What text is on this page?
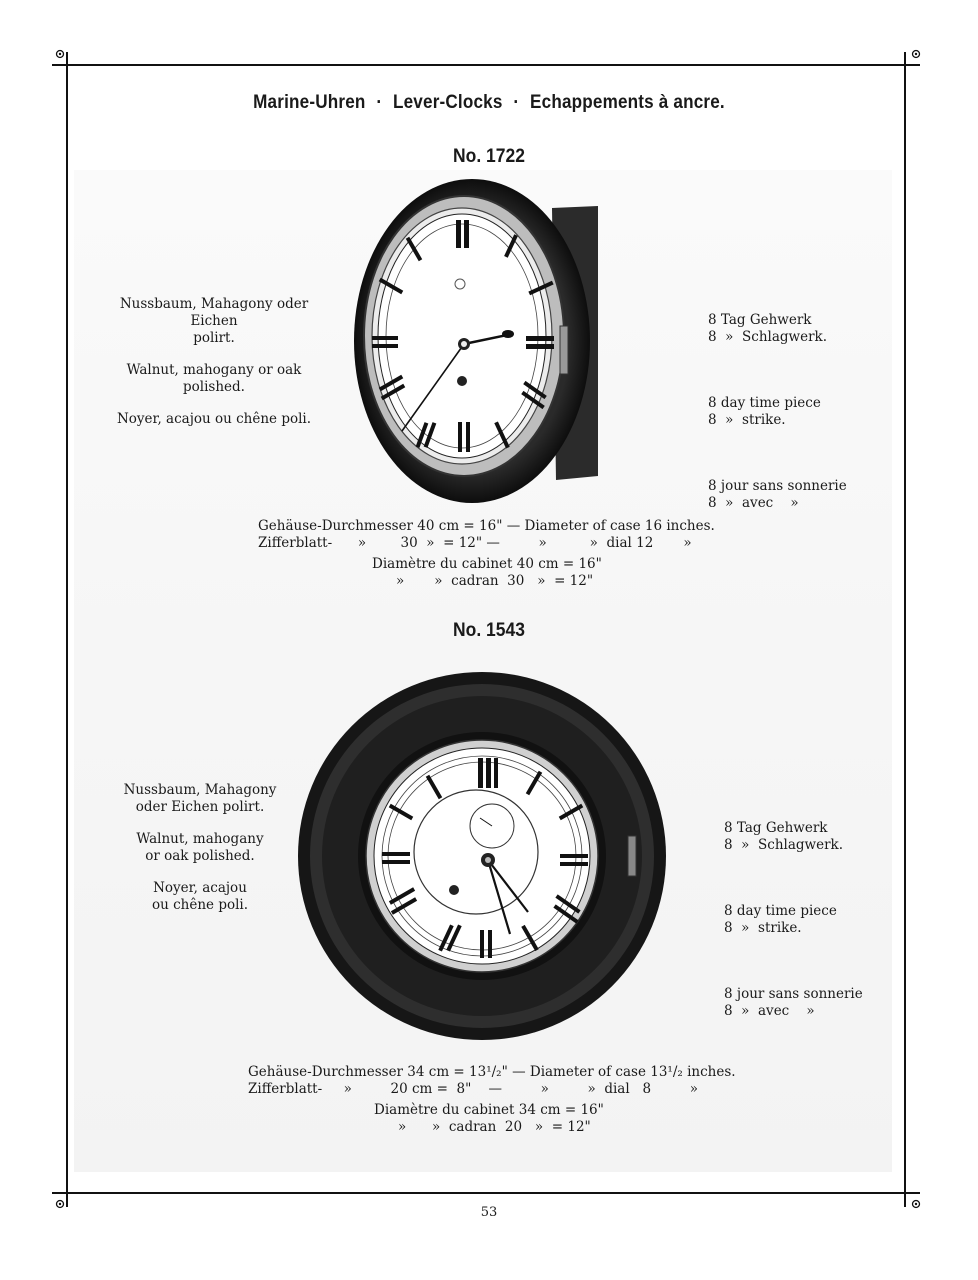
Marine-Uhren · Lever-Clocks · Echappements à ancre.
No. 1722

Nussbaum, Mahagony oder Eichen
polirt.

Walnut, mahogany or oak polished.

Noyer, acajou ou chêne poli.

8 Tag Gehwerk
8  »  Schlagwerk.

8 day time piece
8  »  strike.

8 jour sans sonnerie
8  »  avec    »

Gehäuse-Durchmesser 40 cm = 16" — Diameter of case 16 inches.
Zifferblatt-      »        30  »  = 12" —         »          »  dial 12       »
Diamètre du cabinet 40 cm = 16"
»       »  cadran  30   »  = 12"
No. 1543

Nussbaum, Mahagony
oder Eichen polirt.

Walnut, mahogany
or oak polished.

Noyer, acajou
ou chêne poli.

8 Tag Gehwerk
8  »  Schlagwerk.

8 day time piece
8  »  strike.

8 jour sans sonnerie
8  »  avec    »

Gehäuse-Durchmesser 34 cm = 13¹/₂" — Diameter of case 13¹/₂ inches.
Zifferblatt-     »         20 cm =  8"    —         »         »  dial   8         »
Diamètre du cabinet 34 cm = 16"
»      »  cadran  20   »  = 12"
53
